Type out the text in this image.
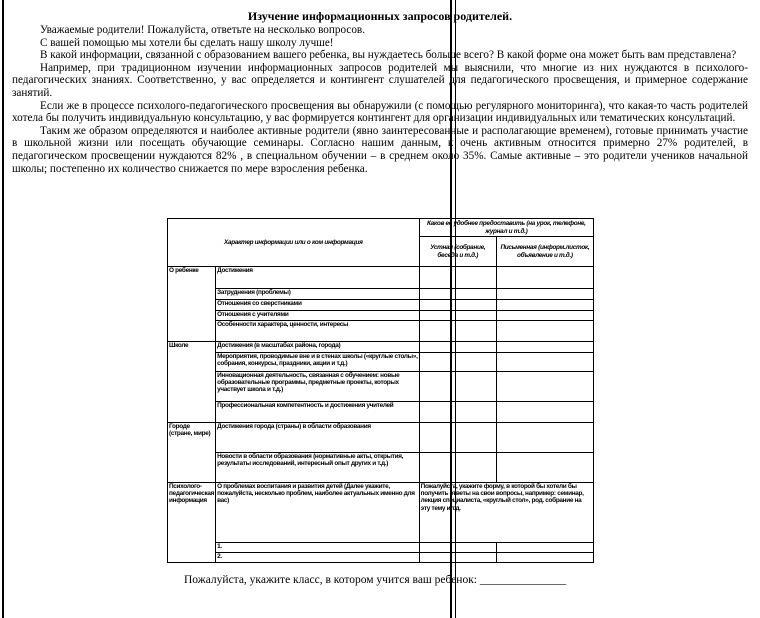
Изучение информационных запросов родителей.

Уважаемые родители! Пожалуйста, ответьте на несколько вопросов.

С вашей помощью мы хотели бы сделать нашу школу лучше!

В какой информации, связанной с образованием вашего ребенка, вы нуждаетесь больше всего? В какой форме она может быть вам представлена?

Например, при традиционном изучении информационных запросов родителей мы выяснили, что многие из них нуждаются в психолого-педагогических знаниях. Соответственно, у вас определяется и контингент слушателей для педагогического просвещения, и примерное содержание занятий.

Если же в процессе психолого-педагогического просвещения вы обнаружили (с помощью регулярного мониторинга), что какая-то часть родителей хотела бы получить индивидуальную консультацию, у вас формируется контингент для организации индивидуальных или тематических консультаций.

Таким же образом определяются и наиболее активные родители (явно заинтересованные и располагающие временем), готовые принимать участие в школьной жизни или посещать обучающие семинары. Согласно нашим данным, к очень активным относится примерно 27% родителей, в педагогическом просвещении нуждаются 82% , в специальном обучении – в среднем около 35%. Самые активные – это родители учеников начальной школы; постепенно их количество снижается по мере взросления ребенка.

Характер информации или о ком информация		Каков ее удобнее предоставить (на урок, телефоне, журнал и т.д.)	
		Устная (собрание, беседа и т.д.)	Письменная (информ.листок, объявление и т.д.)
О ребенке	Достижения		
	Затруднения (проблемы)		
	Отношения со сверстниками		
	Отношения с учителями		
	Особенности характера, ценности, интересы		
Школе	Достижения (в масштабах района, города)		
	Мероприятия, проводимые вне и в стенах школы («круглые столы», собрания, конкурсы, праздники, акции и т.д.)		
	Инновационная деятельность, связанная с обучением: новые образовательные программы, предметные проекты, которых участвует школа и т.д.)		
	Профессиональная компетентность и достижения учителей		
Городе (стране, мире)	Достижения города (страны) в области образования		
	Новости в области образования (нормативные акты, открытия, результаты исследований, интересный опыт других и т.д.)		
Психолого-педагогическая информация	О проблемах воспитания и развития детей (Далее укажите, пожалуйста, несколько проблем, наиболее актуальных именно для вас)	Пожалуйста, укажите форму, в которой бы хотели бы получить ответы на свои вопросы, например: семинар, лекция специалиста, «круглый стол», род. собрание на эту тему и т.д.	
	1.		
	2.		
Пожалуйста, укажите класс, в котором учится ваш ребенок: _______________
